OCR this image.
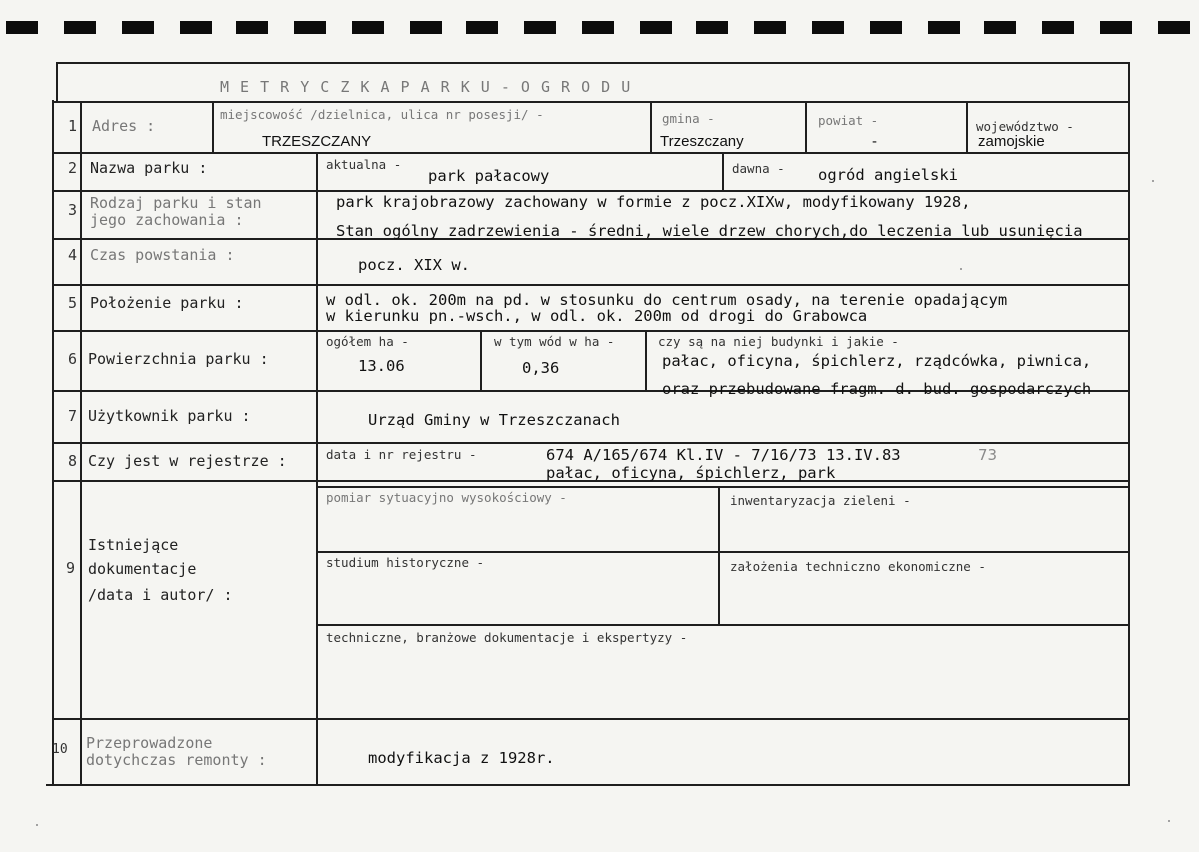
M E T R Y C Z K A P A R K U - O G R O D U
1 Adres :
miejscowość /dzielnica, ulica nr posesji/ -
TRZESZCZANY
gmina -
Trzeszczany
powiat -
-
województwo -
zamojskie
2 Nazwa parku :	aktualna -
park pałacowy	dawna - ogród angielski
3 Rodzaj parku i stan
jego zachowania :
park krajobrazowy zachowany w formie z pocz.XIXw, modyfikowany 1928,
Stan ogólny zadrzewienia - średni, wiele drzew chorych,do leczenia lub usunięcia
4 Czas powstania :
pocz. XIX w.
5 Położenie parku :	w odl. ok. 200m na pd. w stosunku do centrum osady, na terenie opadającym
w kierunku pn.-wsch., w odl. ok. 200m od drogi do Grabowca
6 Powierzchnia parku :
ogółem ha -
13.06
w tym wód w ha -
0,36
czy są na niej budynki i jakie -
pałac, oficyna, śpichlerz, rządcówka, piwnica,
oraz przebudowane fragm. d. bud. gospodarczych
7 Użytkownik parku :	Urząd Gminy w Trzeszczanach
8 Czy jest w rejestrze :	data i nr rejestru -	674 A/165/674 Kl.IV - 7/16/73 13.IV.83	73
pałac, oficyna, śpichlerz, park
9
Istniejące
dokumentacje
/data i autor/ :
pomiar sytuacyjno wysokościowy -	inwentaryzacja zieleni -
studium historyczne -	założenia techniczno ekonomiczne -
techniczne, branżowe dokumentacje i ekspertyzy -
10 Przeprowadzone
dotychczas remonty :	modyfikacja z 1928r.
